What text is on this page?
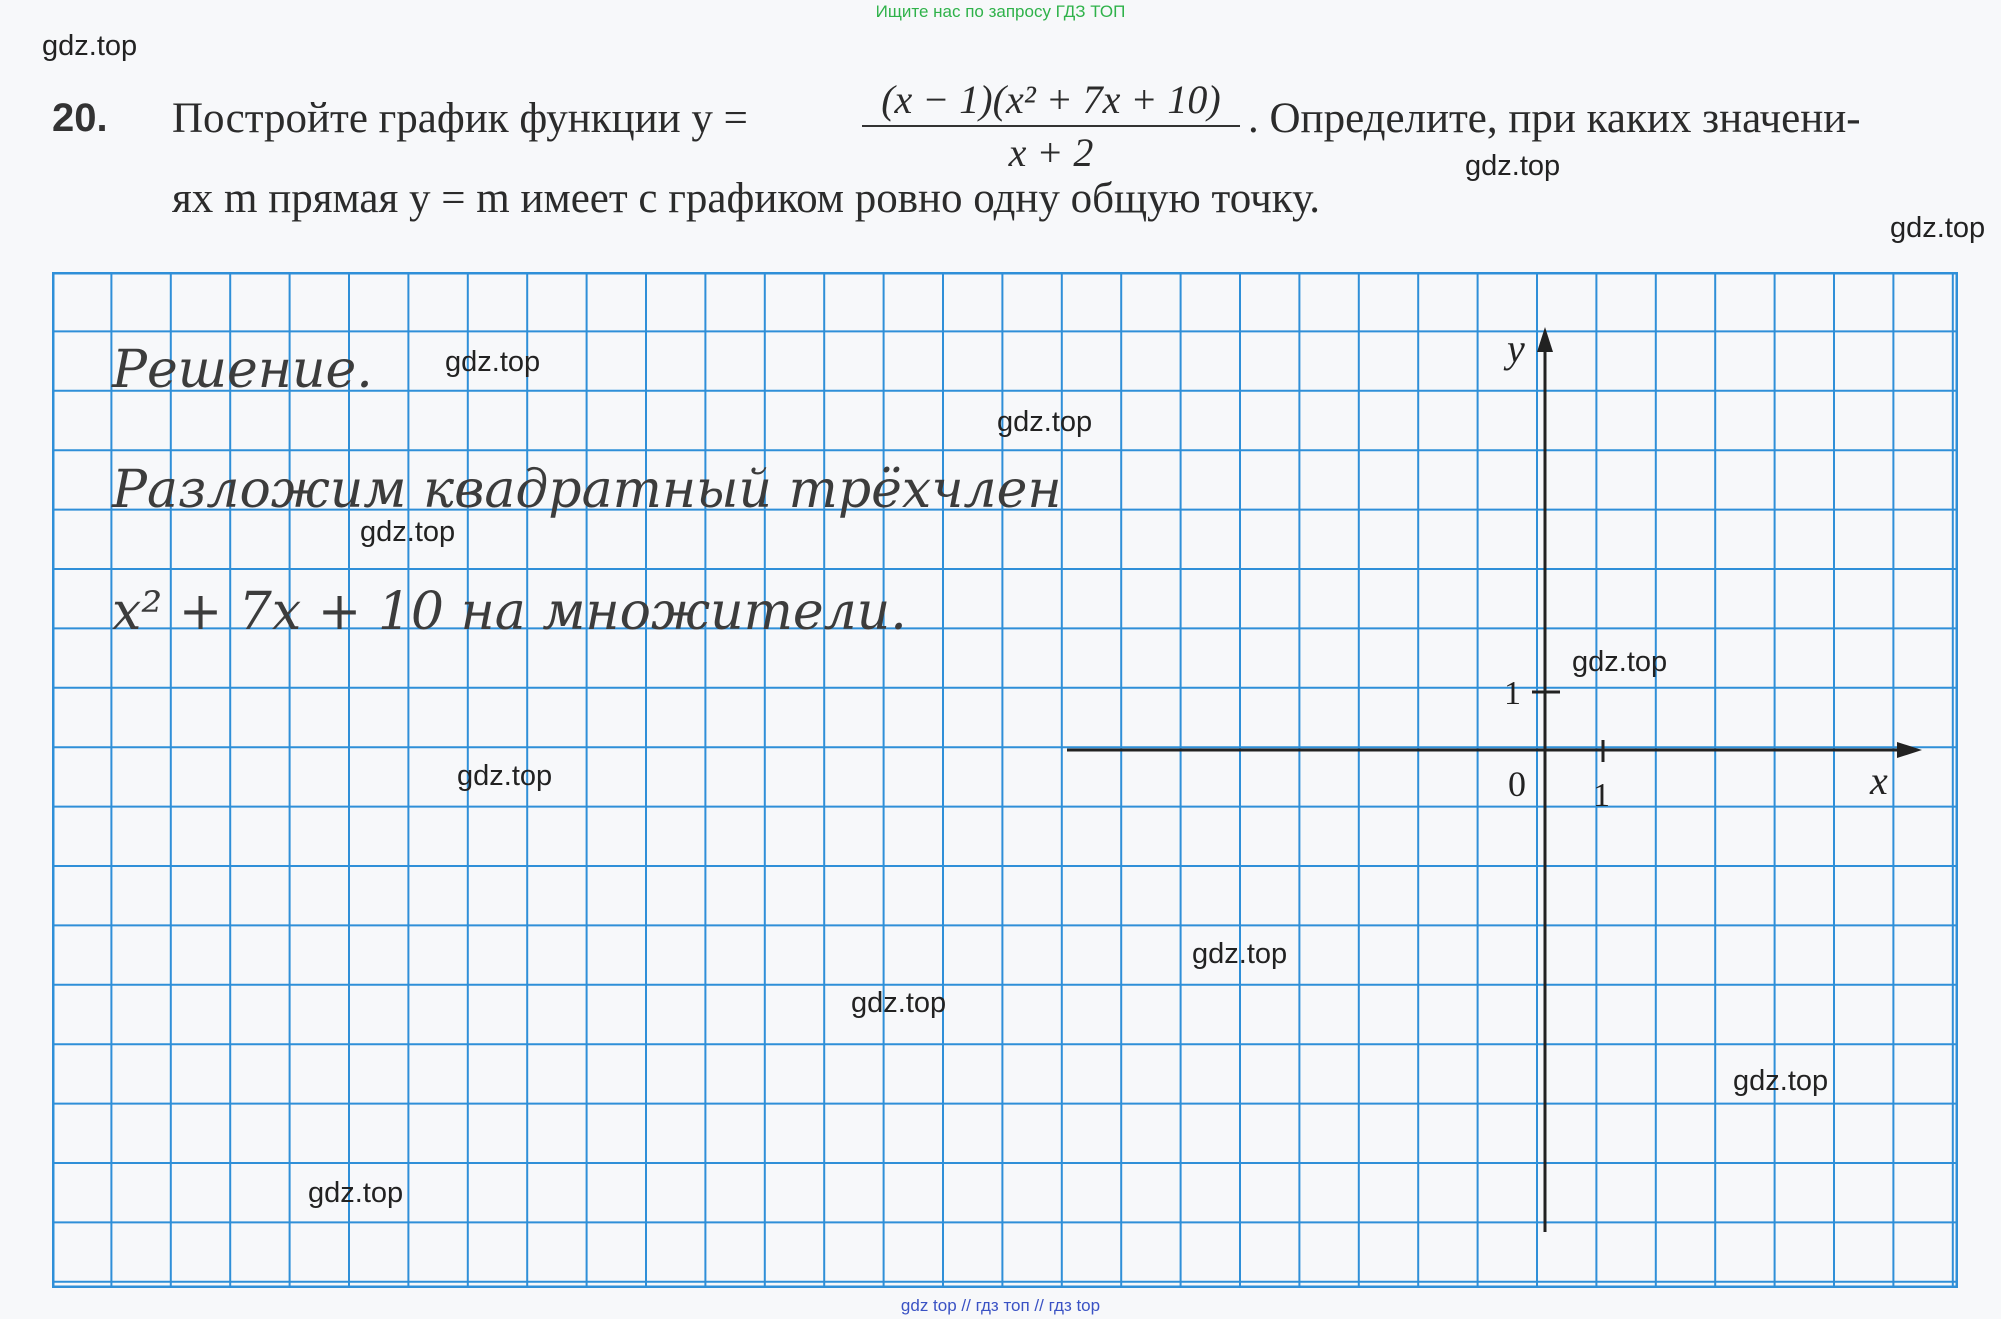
Ищите нас по запросу ГДЗ ТОП
gdz.top
gdz.top
gdz.top
20. Постройте график функции y =	$\frac{\text{(x − 1)(x² + 7x + 10)}}{x + 2}$ . Определите, при каких значени-
ях m прямая y = m имеет с графиком ровно одну общую точку.
y
x
0 1
1
Решение.
Разложим квадратный трёхчлен
x² + 7x + 10 на множители.
gdz.top
gdz.top
gdz.top
gdz.top
gdz.top
gdz.top
gdz.top
gdz.top
gdz.top
gdz top // гдз топ // гдз top
